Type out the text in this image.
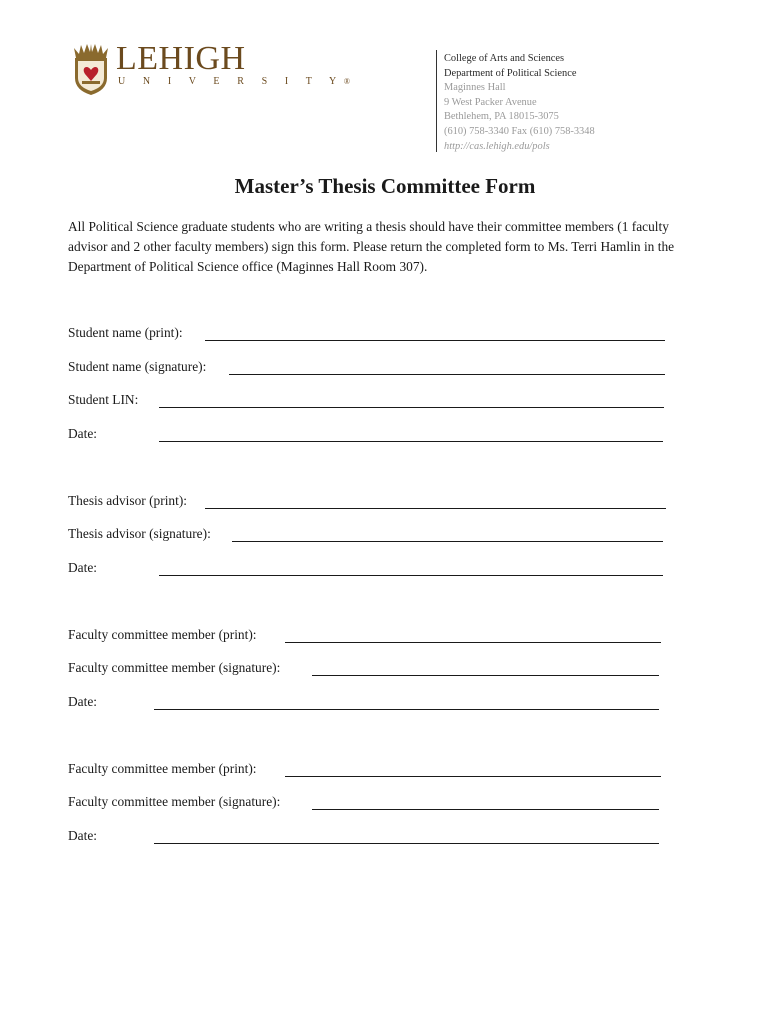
LEHIGH
U N I V E R S I T Y®
College of Arts and Sciences
Department of Political Science
Maginnes Hall
9 West Packer Avenue
Bethlehem, PA 18015-3075
(610) 758-3340 Fax (610) 758-3348
http://cas.lehigh.edu/pols
Master’s Thesis Committee Form
All Political Science graduate students who are writing a thesis should have their committee members (1 faculty advisor and 2 other faculty members) sign this form. Please return the completed form to Ms. Terri Hamlin in the Department of Political Science office (Maginnes Hall Room 307).
Student name (print):
Student name (signature):
Student LIN:
Date:
Thesis advisor (print):
Thesis advisor (signature):
Date:
Faculty committee member (print):
Faculty committee member (signature):
Date:
Faculty committee member (print):
Faculty committee member (signature):
Date:
